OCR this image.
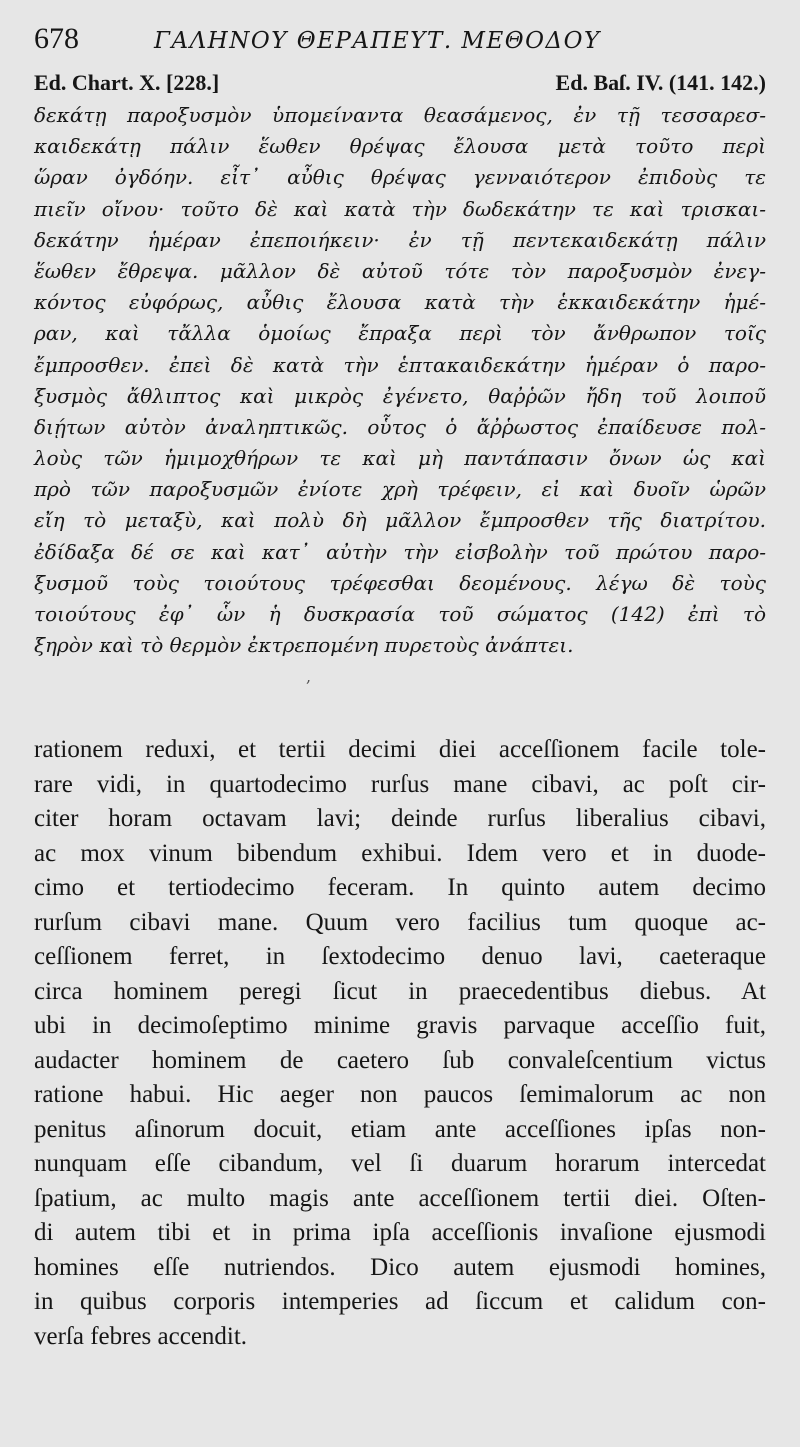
678	ΓΑΛΗΝΟΥ ΘΕΡΑΠΕΥΤ. ΜΕΘΟΔΟΥ
Ed. Chart. X. [228.]	Ed. Baſ. IV. (141. 142.)
δεκάτῃ παροξυσμὸν ὑπομείναντα θεασάμενος, ἐν τῇ τεσσαρεσ-
καιδεκάτῃ πάλιν ἕωθεν θρέψας ἔλουσα μετὰ τοῦτο περὶ
ὥραν ὀγδόην. εἶτ᾽ αὖθις θρέψας γενναιότερον ἐπιδοὺς τε
πιεῖν οἴνου· τοῦτο δὲ καὶ κατὰ τὴν δωδεκάτην τε καὶ τρισκαι-
δεκάτην ἡμέραν ἐπεποιήκειν· ἐν τῇ πεντεκαιδεκάτῃ πάλιν
ἕωθεν ἔθρεψα. μᾶλλον δὲ αὐτοῦ τότε τὸν παροξυσμὸν ἐνεγ-
κόντος εὐφόρως, αὖθις ἔλουσα κατὰ τὴν ἑκκαιδεκάτην ἡμέ-
ραν, καὶ τἄλλα ὁμοίως ἔπραξα περὶ τὸν ἄνθρωπον τοῖς
ἔμπροσθεν. ἐπεὶ δὲ κατὰ τὴν ἑπτακαιδεκάτην ἡμέραν ὁ παρο-
ξυσμὸς ἄθλιπτος καὶ μικρὸς ἐγένετο, θαῤῥῶν ἤδη τοῦ λοιποῦ
διῄτων αὐτὸν ἀναληπτικῶς. οὗτος ὁ ἄῤῥωστος ἐπαίδευσε πολ-
λοὺς τῶν ἡμιμοχθήρων τε καὶ μὴ παντάπασιν ὄνων ὡς καὶ
πρὸ τῶν παροξυσμῶν ἐνίοτε χρὴ τρέφειν, εἰ καὶ δυοῖν ὡρῶν
εἴη τὸ μεταξὺ, καὶ πολὺ δὴ μᾶλλον ἔμπροσθεν τῆς διατρίτου.
ἐδίδαξα δέ σε καὶ κατ᾽ αὐτὴν τὴν εἰσβολὴν τοῦ πρώτου παρο-
ξυσμοῦ τοὺς τοιούτους τρέφεσθαι δεομένους. λέγω δὲ τοὺς
τοιούτους ἐφ᾽ ὧν ἡ δυσκρασία τοῦ σώματος (142) ἐπὶ τὸ
ξηρὸν καὶ τὸ θερμὸν ἐκτρεπομένη πυρετοὺς ἀνάπτει.
,
rationem reduxi, et tertii decimi diei acceſſionem facile tole-
rare vidi, in quartodecimo rurſus mane cibavi, ac poſt cir-
citer horam octavam lavi; deinde rurſus liberalius cibavi,
ac mox vinum bibendum exhibui. Idem vero et in duode-
cimo et tertiodecimo feceram. In quinto autem decimo
rurſum cibavi mane. Quum vero facilius tum quoque ac-
ceſſionem ferret, in ſextodecimo denuo lavi, caeteraque
circa hominem peregi ſicut in praecedentibus diebus. At
ubi in decimoſeptimo minime gravis parvaque acceſſio fuit,
audacter hominem de caetero ſub convaleſcentium victus
ratione habui. Hic aeger non paucos ſemimalorum ac non
penitus aſinorum docuit, etiam ante acceſſiones ipſas non-
nunquam eſſe cibandum, vel ſi duarum horarum intercedat
ſpatium, ac multo magis ante acceſſionem tertii diei. Oſten-
di autem tibi et in prima ipſa acceſſionis invaſione ejusmodi
homines eſſe nutriendos. Dico autem ejusmodi homines,
in quibus corporis intemperies ad ſiccum et calidum con-
verſa febres accendit.
